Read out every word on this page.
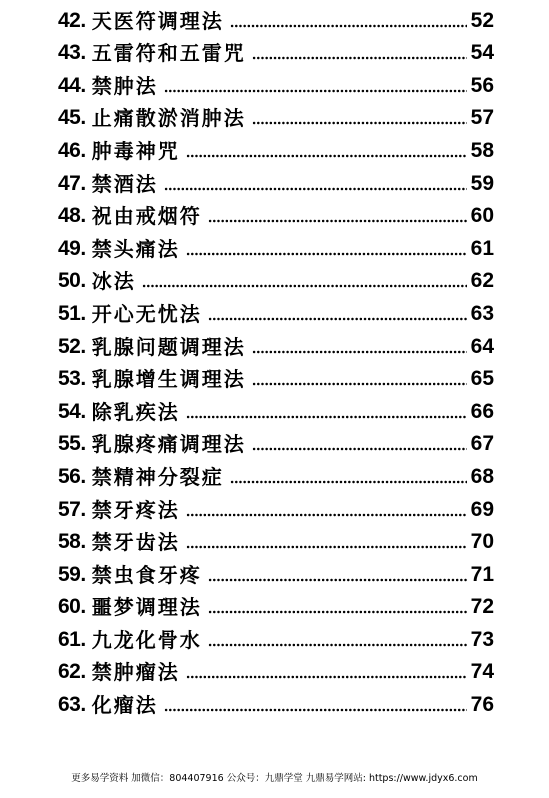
42. 天医符调理法	52
43. 五雷符和五雷咒	54
44. 禁肿法	56
45. 止痛散淤消肿法	57
46. 肿毒神咒	58
47. 禁酒法	59
48. 祝由戒烟符	60
49. 禁头痛法	61
50. 冰法	62
51. 开心无忧法	63
52. 乳腺问题调理法	64
53. 乳腺增生调理法	65
54. 除乳疾法	66
55. 乳腺疼痛调理法	67
56. 禁精神分裂症	68
57. 禁牙疼法	69
58. 禁牙齿法	70
59. 禁虫食牙疼	71
60. 噩梦调理法	72
61. 九龙化骨水	73
62. 禁肿瘤法	74
63. 化瘤法	76
更多易学资料 加微信：804407916 公众号：九鼎学堂 九鼎易学网站: https://www.jdyx6.com
